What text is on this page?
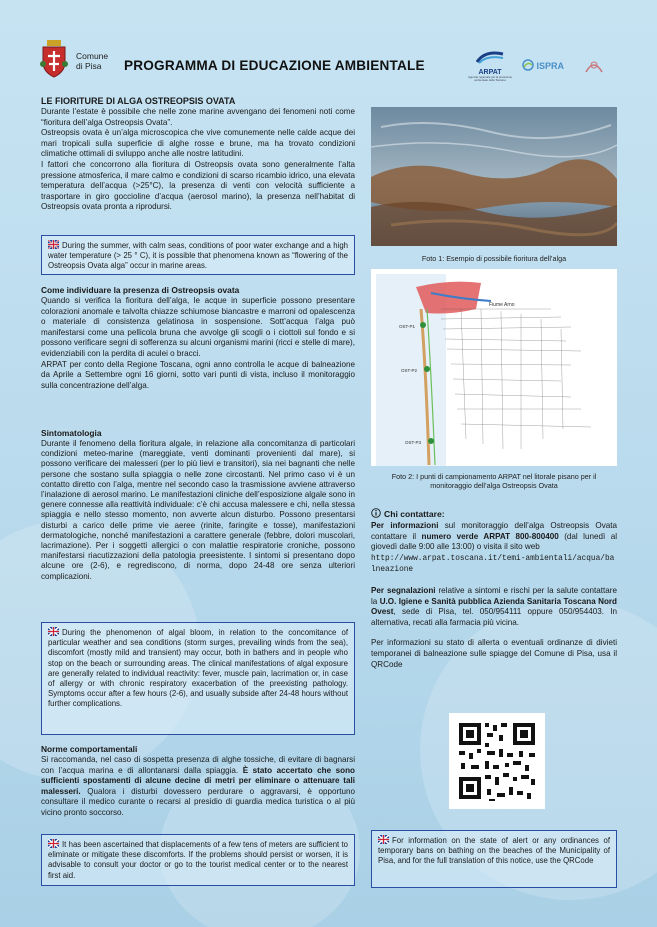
Comune
di Pisa	PROGRAMMA DI EDUCAZIONE AMBIENTALE	ARPAT
Agenzia regionale per la protezione ambientale della Toscana
ISPRA
LE FIORITURE DI ALGA OSTREOPSIS OVATA

Durante l’estate è possibile che nelle zone marine avvengano dei fenomeni noti come “fioritura dell’alga Ostreopsis Ovata”.

Ostreopsis ovata è un’alga microscopica che vive comunemente nelle calde acque dei mari tropicali sulla superficie di alghe rosse e brune, ma ha trovato condizioni climatiche ottimali di sviluppo anche alle nostre latitudini.

I fattori che concorrono alla fioritura di Ostreopsis ovata sono generalmente l’alta pressione atmosferica, il mare calmo e condizioni di scarso ricambio idrico, una elevata temperatura dell’acqua (>25°C), la presenza di venti con velocità sufficiente a trasportare in giro goccioline d’acqua (aerosol marino), la presenza nell’habitat di Ostreopsis ovata pronta a riprodursi.

During the summer, with calm seas, conditions of poor water exchange and a high water temperature (> 25 ° C), it is possible that phenomena known as “flowering of the Ostreopsis Ovata alga” occur in marine areas.
Come individuare la presenza di Ostreopsis ovata

Quando si verifica la fioritura dell’alga, le acque in superficie possono presentare colorazioni anomale e talvolta chiazze schiumose biancastre e marroni od opalescenza o materiale di consistenza gelatinosa in sospensione. Sott’acqua l’alga può manifestarsi come una pellicola bruna che avvolge gli scogli o i ciottoli sul fondo e si possono verificare segni di sofferenza su alcuni organismi marini (ricci e stelle di mare), evidenziabili con la perdita di aculei o bracci.

ARPAT per conto della Regione Toscana, ogni anno controlla le acque di balneazione da Aprile a Settembre ogni 16 giorni, sotto vari punti di vista, incluso il monitoraggio sulla concentrazione dell’alga.

Sintomatologia

Durante il fenomeno della fioritura algale, in relazione alla concomitanza di particolari condizioni meteo-marine (mareggiate, venti dominanti provenienti dal mare), si possono verificare dei malesseri (per lo più lievi e transitori), sia nei bagnanti che nelle persone che sostano sulla spiaggia o nelle zone circostanti. Nel primo caso vi è un contatto diretto con l’alga, mentre nel secondo caso la trasmissione avviene attraverso l’inalazione di aerosol marino. Le manifestazioni cliniche dell’esposizione algale sono in genere connesse alla reattività individuale: c’è chi accusa malessere e chi, nella stessa spiaggia e nello stesso momento, non avverte alcun disturbo. Possono presentarsi disturbi a carico delle prime vie aeree (rinite, faringite e tosse), manifestazioni dermatologiche, nonché manifestazioni a carattere generale (febbre, dolori muscolari, lacrimazione). Per i soggetti allergici o con malattie respiratorie croniche, possono manifestarsi riacutizzazioni della patologia preesistente. I sintomi si presentano dopo alcune ore (2-6), e regrediscono, di norma, dopo 24-48 ore senza ulteriori complicazioni.

During the phenomenon of algal bloom, in relation to the concomitance of particular weather and sea conditions (storm surges, prevailing winds from the sea), discomfort (mostly mild and transient) may occur, both in bathers and in people who stop on the beach or surrounding areas. The clinical manifestations of algal exposure are generally related to individual reactivity: fever, muscle pain, lacrimation or, in case of allergy or with chronic respiratory exacerbation of the preexisting pathology. Symptoms occur after a few hours (2-6), and usually subside after 24-48 hours without further complications.
Norme comportamentali

Si raccomanda, nel caso di sospetta presenza di alghe tossiche, di evitare di bagnarsi con l’acqua marina e di allontanarsi dalla spiaggia. È stato accertato che sono sufficienti spostamenti di alcune decine di metri per eliminare o attenuare tali malesseri. Qualora i disturbi dovessero perdurare o aggravarsi, è opportuno consultare il medico curante o recarsi al presidio di guardia medica turistica o al più vicino pronto soccorso.

It has been ascertained that displacements of a few tens of meters are sufficient to eliminate or mitigate these discomforts. If the problems should persist or worsen, it is advisable to consult your doctor or go to the tourist medical center or to the nearest first aid.
Foto 1: Esempio di possibile fioritura dell’alga
Fiume Arno
OST-P1
OST-P2
OST-P3
Foto 2: I punti di campionamento ARPAT nel litorale pisano per il monitoraggio dell’alga Ostreopsis Ovata
Chi contattare:

Per informazioni sul monitoraggio dell’alga Ostreopsis Ovata contattare il numero verde ARPAT 800-800400 (dal lunedì al giovedì dalle 9:00 alle 13:00) o visita il sito web
http://www.arpat.toscana.it/temi-ambientali/acqua/balneazione

Per segnalazioni relative a sintomi e rischi per la salute contattare la U.O. Igiene e Sanità pubblica Azienda Sanitaria Toscana Nord Ovest, sede di Pisa, tel. 050/954111 oppure 050/954403. In alternativa, recati alla farmacia più vicina.

Per informazioni su stato di allerta o eventuali ordinanze di divieti temporanei di balneazione sulle spiagge del Comune di Pisa, usa il QRCode

For information on the state of alert or any ordinances of temporary bans on bathing on the beaches of the Municipality of Pisa, and for the full translation of this notice, use the QRCode
